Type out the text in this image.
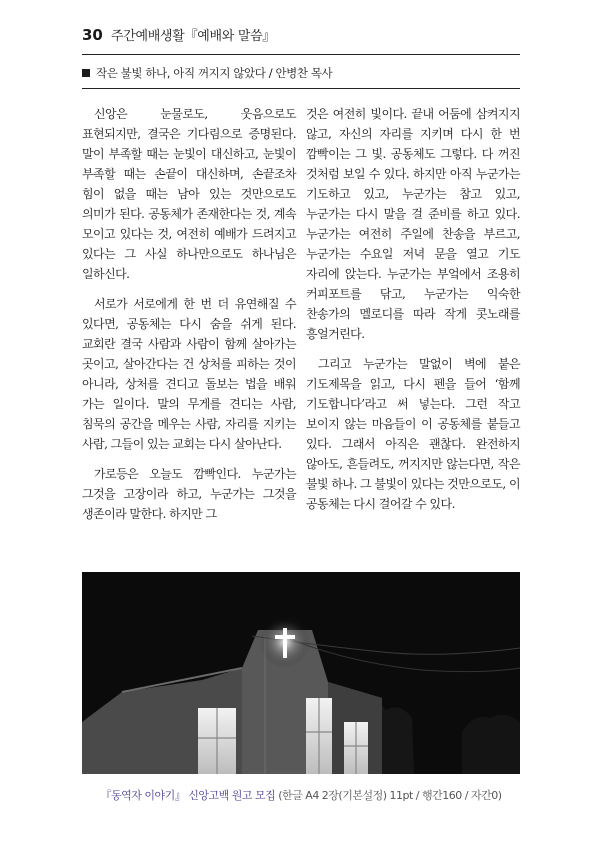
30 주간예배생활『예배와 말씀』
작은 불빛 하나, 아직 꺼지지 않았다 / 안병찬 목사

신앙은 눈물로도, 웃음으로도 표현되지만, 결국은 기다림으로 증명된다. 말이 부족할 때는 눈빛이 대신하고, 눈빛이 부족할 때는 손끝이 대신하며, 손끝조차 힘이 없을 때는 남아 있는 것만으로도 의미가 된다. 공동체가 존재한다는 것, 계속 모이고 있다는 것, 여전히 예배가 드려지고 있다는 그 사실 하나만으로도 하나님은 일하신다.

서로가 서로에게 한 번 더 유연해질 수 있다면, 공동체는 다시 숨을 쉬게 된다. 교회란 결국 사람과 사람이 함께 살아가는 곳이고, 살아간다는 건 상처를 피하는 것이 아니라, 상처를 견디고 돌보는 법을 배워 가는 일이다. 말의 무게를 견디는 사람, 침묵의 공간을 메우는 사람, 자리를 지키는 사람, 그들이 있는 교회는 다시 살아난다.

가로등은 오늘도 깜빡인다. 누군가는 그것을 고장이라 하고, 누군가는 그것을 생존이라 말한다. 하지만 그

것은 여전히 빛이다. 끝내 어둠에 삼켜지지 않고, 자신의 자리를 지키며 다시 한 번 깜빡이는 그 빛. 공동체도 그렇다. 다 꺼진 것처럼 보일 수 있다. 하지만 아직 누군가는 기도하고 있고, 누군가는 참고 있고, 누군가는 다시 말을 걸 준비를 하고 있다. 누군가는 여전히 주일에 찬송을 부르고, 누군가는 수요일 저녁 문을 열고 기도 자리에 앉는다. 누군가는 부엌에서 조용히 커피포트를 닦고, 누군가는 익숙한 찬송가의 멜로디를 따라 작게 콧노래를 흥얼거린다.

그리고 누군가는 말없이 벽에 붙은 기도제목을 읽고, 다시 펜을 들어 ‘함께 기도합니다’라고 써 넣는다. 그런 작고 보이지 않는 마음들이 이 공동체를 붙들고 있다. 그래서 아직은 괜찮다. 완전하지 않아도, 흔들려도, 꺼지지만 않는다면, 작은 불빛 하나. 그 불빛이 있다는 것만으로도, 이 공동체는 다시 걸어갈 수 있다.

『동역자 이야기』 신앙고백 원고 모집 (한글 A4 2장(기본설정) 11pt / 행간160 / 자간0)
